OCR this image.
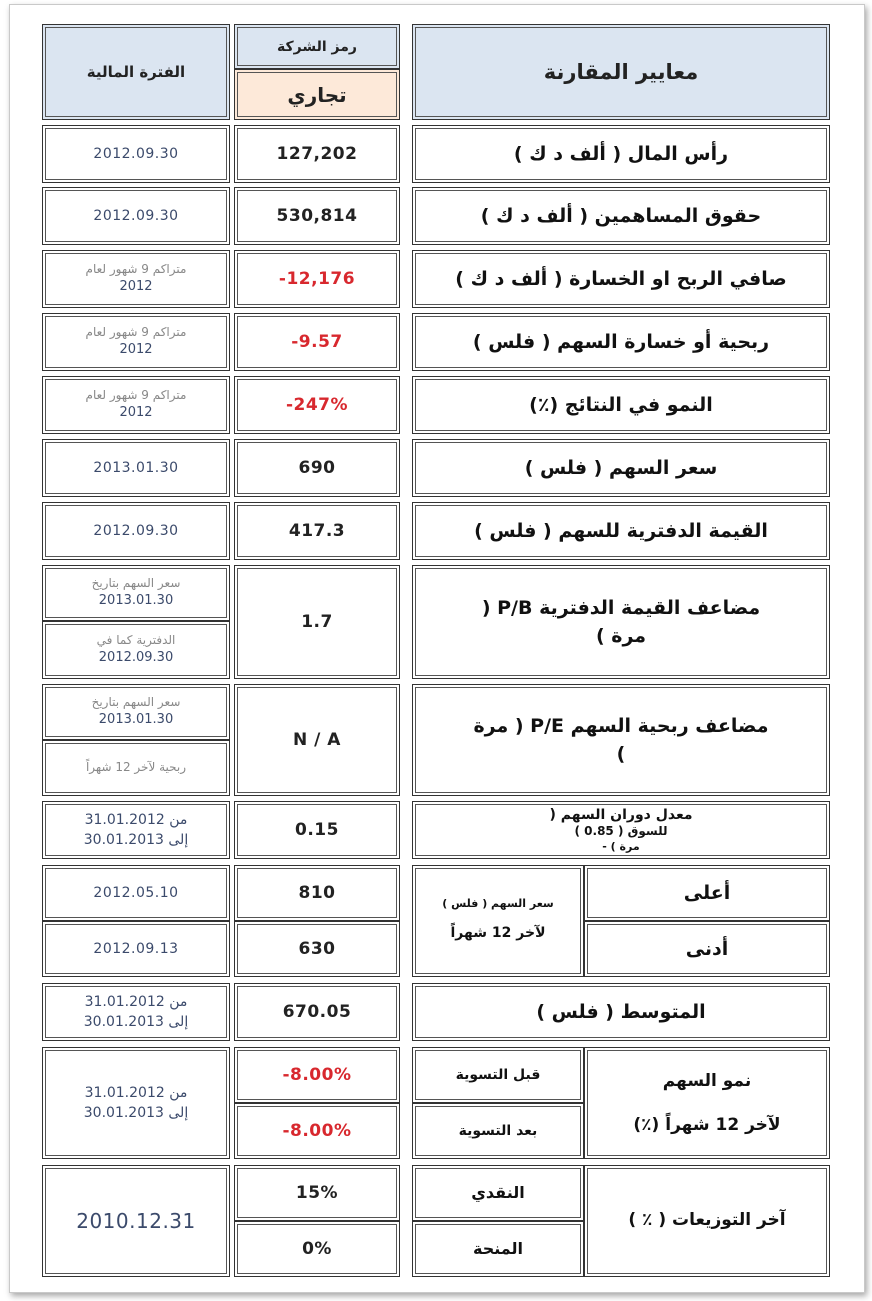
معايير المقارنة
رمز الشركة
تجاري
الفترة المالية
رأس المال ( ألف د ك )
127,202
2012.09.30
حقوق المساهمين ( ألف د ك )
530,814
2012.09.30
صافي الربح او الخسارة ( ألف د ك )
-12,176
متراكم 9 شهور لعام
2012
ربحية أو خسارة السهم ( فلس )
-9.57
متراكم 9 شهور لعام
2012
النمو في النتائج (٪)
-247%
متراكم 9 شهور لعام
2012
سعر السهم ( فلس )
690
2013.01.30
القيمة الدفترية للسهم ( فلس )
417.3
2012.09.30
مضاعف القيمة الدفترية P/B (
مرة )
1.7
سعر السهم بتاريخ
2013.01.30
الدفترية كما في
2012.09.30
مضاعف ربحية السهم P/E ( مرة
)
N / A
سعر السهم بتاريخ
2013.01.30
ربحية لآخر 12 شهراً
معدل دوران السهم (
للسوق ( 0.85 )
مرة ) -
0.15
من 31.01.2012
إلى 30.01.2013
أعلى
أدنى
سعر السهم ( فلس )
لآخر 12 شهراً
810
630
2012.05.10
2012.09.13
المتوسط ( فلس )
670.05
من 31.01.2012
إلى 30.01.2013
نمو السهم
لآخر 12 شهراً (٪)
قبل التسوية
بعد التسوية
-8.00%
-8.00%
من 31.01.2012
إلى 30.01.2013
آخر التوزيعات ( ٪ )
النقدي
المنحة
15%
0%
2010.12.31
